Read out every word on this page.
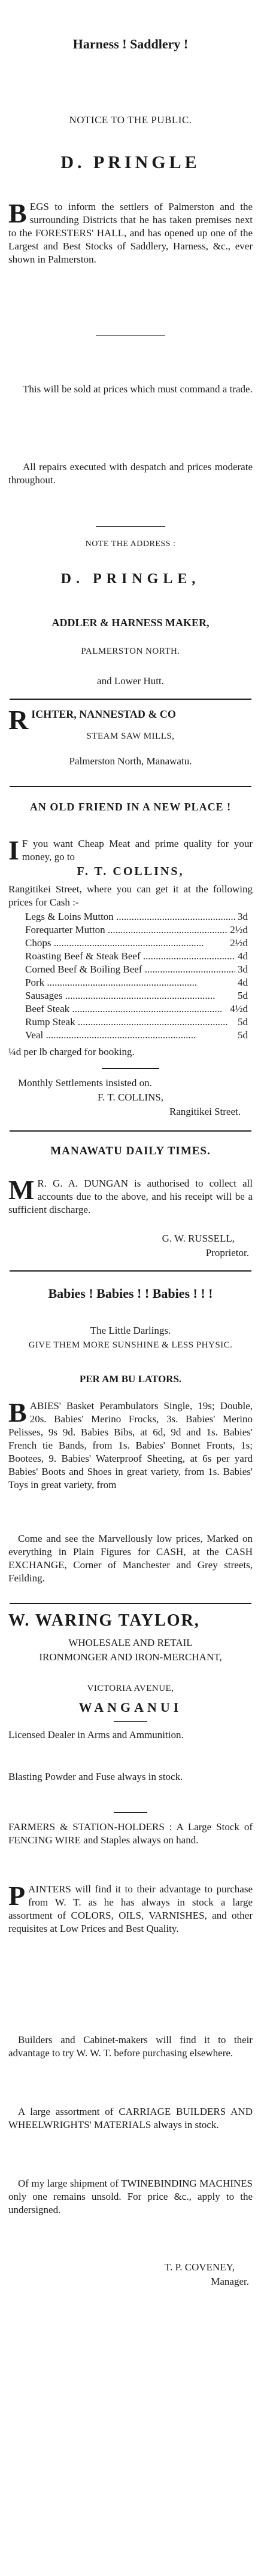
Harness ! Saddlery !
NOTICE TO THE PUBLIC.
D. PRINGLE
B EGS to inform the settlers of Palmerston and the surrounding Districts that he has taken premises next to the FORESTERS' HALL, and has opened up one of the Largest and Best Stocks of Saddlery, Harness, &c., ever shown in Palmerston.

This will be sold at prices which must command a trade.

All repairs executed with despatch and prices moderate throughout.

NOTE THE ADDRESS :
D. PRINGLE,
ADDLER & HARNESS MAKER,
PALMERSTON NORTH.
and Lower Hutt.
R ICHTER, NANNESTAD & CO

STEAM SAW MILLS,
Palmerston North, Manawatu.

AN OLD FRIEND IN A NEW PLACE !

I F you want Cheap Meat and prime quality for your money, go to

F. T. COLLINS,

Rangitikei Street, where you can get it at the following prices for Cash :-

Legs & Loins Mutton .....	3d
Forequarter Mutton .....	2½d
Chops .....	2½d
Roasting Beef & Steak Beef .....	4d
Corned Beef & Boiling Beef .....	3d
Pork .....	4d
Sausages .....	5d
Beef Steak .....	4½d
Rump Steak .....	5d
Veal .....	5d

¼d per lb charged for booking.

Monthly Settlements insisted on.

F. T. COLLINS,
Rangitikei Street.
MANAWATU DAILY TIMES.
M R. G. A. DUNGAN is authorised to collect all accounts due to the above, and his receipt will be a sufficient discharge.

G. W. RUSSELL,
Proprietor.
Babies ! Babies ! ! Babies ! ! !
The Little Darlings.
GIVE THEM MORE SUNSHINE & LESS PHYSIC.
PER AM BU LATORS.
B ABIES' Basket Perambulators Single, 19s; Double, 20s. Babies' Merino Frocks, 3s. Babies' Merino Pelisses, 9s 9d. Babies Bibs, at 6d, 9d and 1s. Babies' French tie Bands, from 1s. Babies' Bonnet Fronts, 1s; Bootees, 9. Babies' Waterproof Sheeting, at 6s per yard Babies' Boots and Shoes in great variety, from 1s. Babies' Toys in great variety, from

Come and see the Marvellously low prices, Marked on everything in Plain Figures for CASH, at the CASH EXCHANGE, Corner of Manchester and Grey streets, Feilding.

W. WARING TAYLOR,
WHOLESALE AND RETAIL
IRONMONGER AND IRON-MERCHANT,
VICTORIA AVENUE,
WANGANUI

Licensed Dealer in Arms and Ammunition.

Blasting Powder and Fuse always in stock.

FARMERS & STATION-HOLDERS : A Large Stock of FENCING WIRE and Staples always on hand.

P AINTERS will find it to their advantage to purchase from W. T. as he has always in stock a large assortment of COLORS, OILS, VARNISHES, and other requisites at Low Prices and Best Quality.

Builders and Cabinet-makers will find it to their advantage to try W. W. T. before purchasing elsewhere.

A large assortment of CARRIAGE BUILDERS AND WHEELWRIGHTS' MATERIALS always in stock.

Of my large shipment of TWINEBINDING MACHINES only one remains unsold. For price &c., apply to the undersigned.

T. P. COVENEY,
Manager.
